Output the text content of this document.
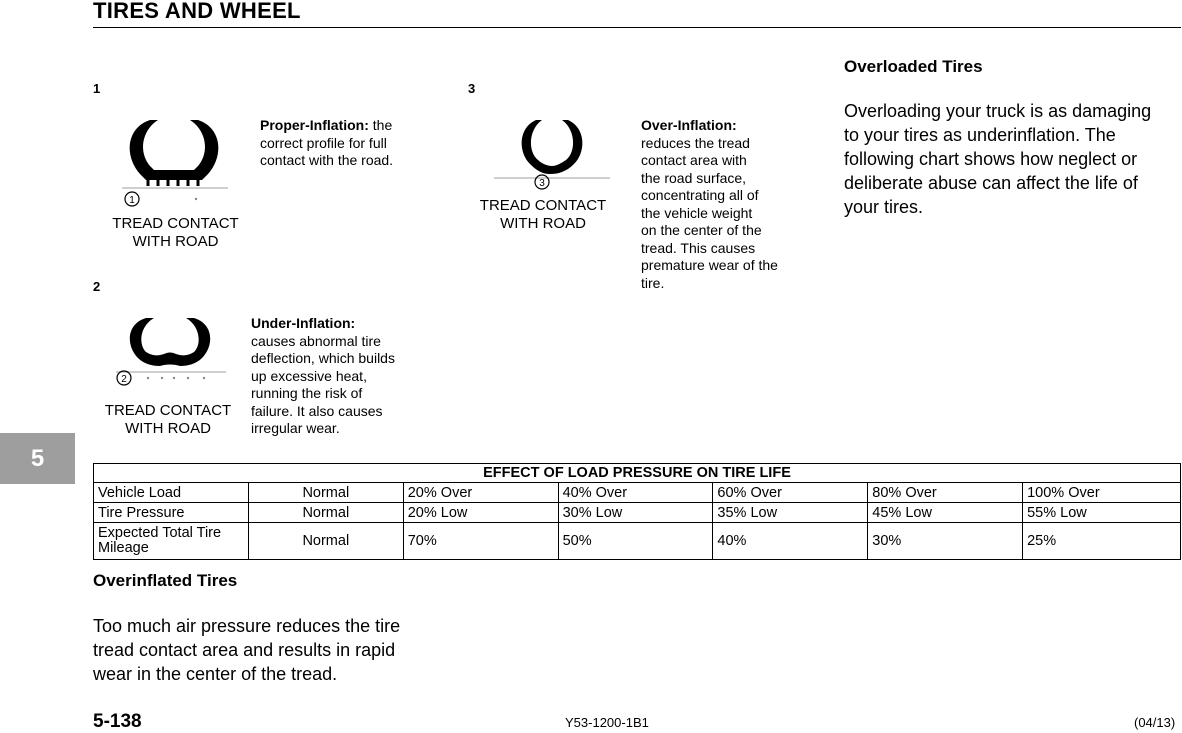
TIRES AND WHEEL
5
1
1
TREAD CONTACT
WITH ROAD
Proper-Inflation: the
correct profile for full
contact with the road.
2
2
TREAD CONTACT
WITH ROAD
Under-Inflation:
causes abnormal tire
deflection, which builds
up excessive heat,
running the risk of
failure. It also causes
irregular wear.
3
3
TREAD CONTACT
WITH ROAD
Over-Inflation:
reduces the tread
contact area with
the road surface,
concentrating all of
the vehicle weight
on the center of the
tread. This causes
premature wear of the
tire.
Overloaded Tires
Overloading your truck is as damaging
to your tires as underinflation. The
following chart shows how neglect or
deliberate abuse can affect the life of
your tires.
EFFECT OF LOAD PRESSURE ON TIRE LIFE						
Vehicle Load	Normal	20% Over	40% Over	60% Over	80% Over	100% Over
Tire Pressure	Normal	20% Low	30% Low	35% Low	45% Low	55% Low
Expected Total Tire Mileage	Normal	70%	50%	40%	30%	25%
Overinflated Tires
Too much air pressure reduces the tire
tread contact area and results in rapid
wear in the center of the tread.
5-138	Y53-1200-1B1	(04/13)
